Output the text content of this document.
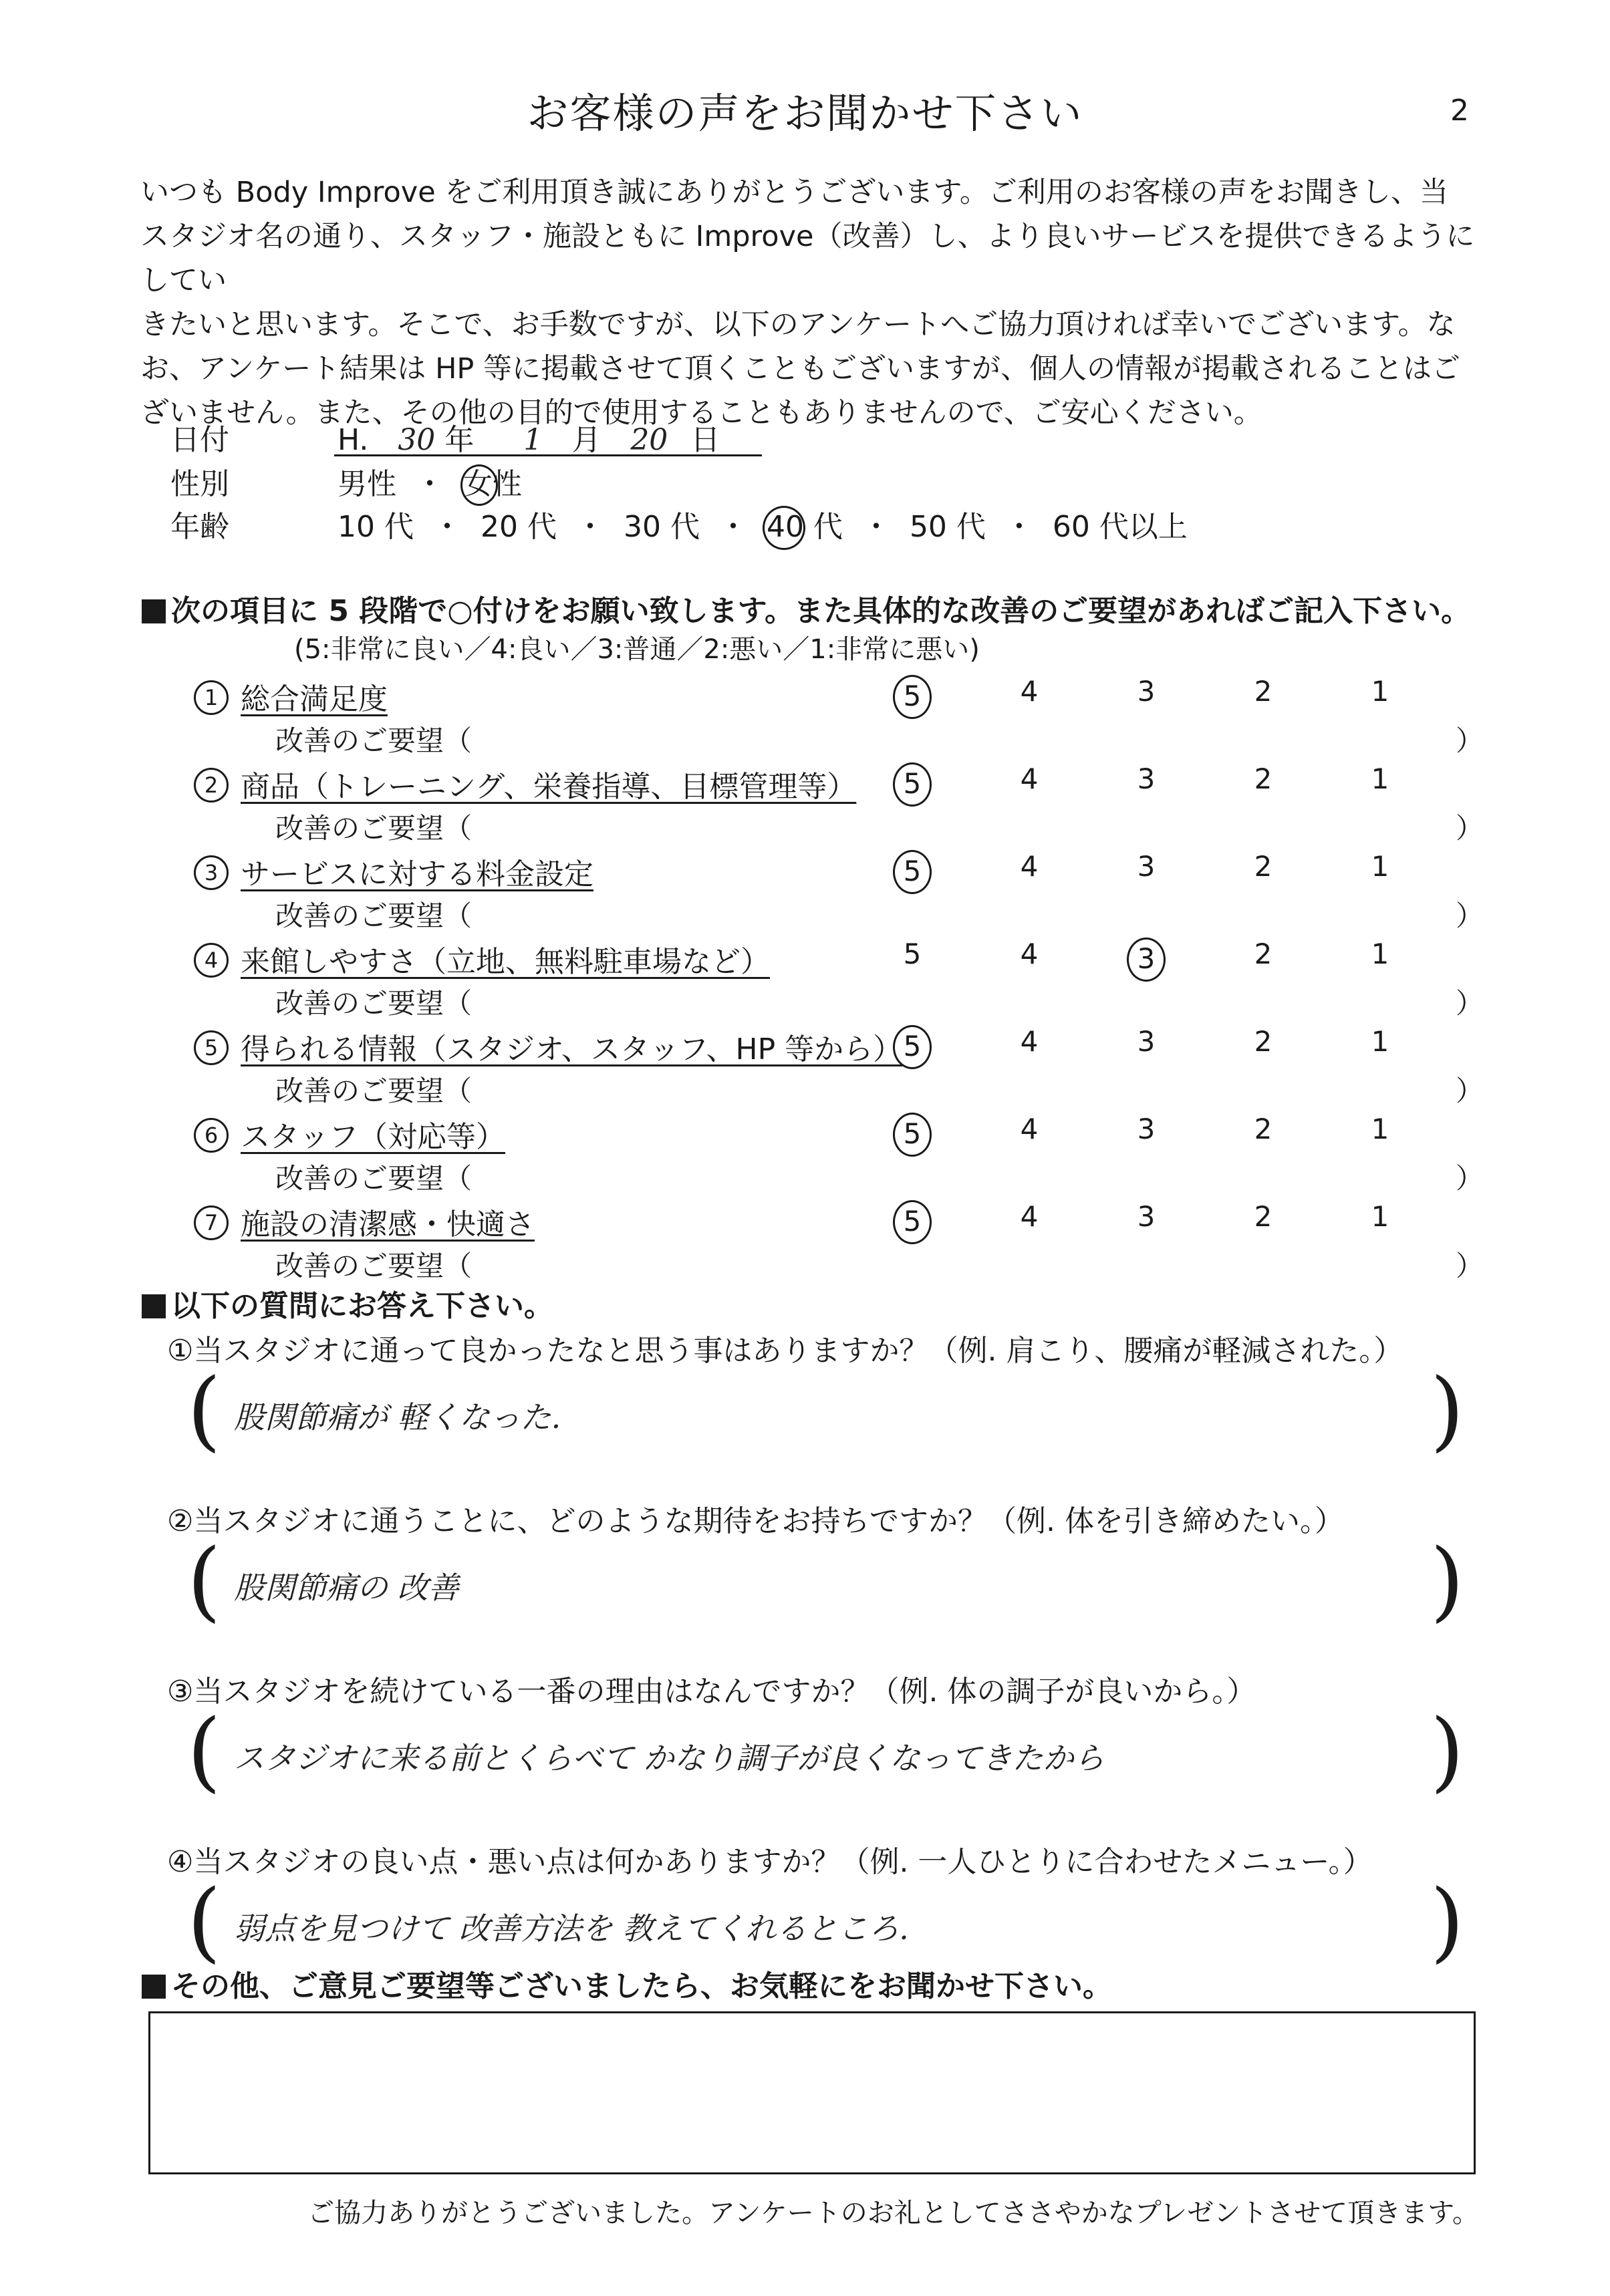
お客様の声をお聞かせ下さい	2

いつも Body Improve をご利用頂き誠にありがとうございます。ご利用のお客様の声をお聞きし、当

スタジオ名の通り、スタッフ・施設ともに Improve（改善）し、より良いサービスを提供できるようにしてい

きたいと思います。そこで、お手数ですが、以下のアンケートへご協力頂ければ幸いでございます。な

お、アンケート結果は HP 等に掲載させて頂くこともございますが、個人の情報が掲載されることはご

ざいません。また、その他の目的で使用することもありませんので、ご安心ください。

日付	H. 30 年 1 月 20 日
性別	男性 ・ 女性
年齢	10 代 ・ 20 代 ・ 30 代 ・ 40 代 ・ 50 代 ・ 60 代以上
次の項目に 5 段階で○付けをお願い致します。また具体的な改善のご要望があればご記入下さい。
(5:非常に良い／4:良い／3:普通／2:悪い／1:非常に悪い)
1 総合満足度	5	4	3	2	1
改善のご要望（	）
2 商品（トレーニング、栄養指導、目標管理等）	5	4	3	2	1
改善のご要望（	）
3 サービスに対する料金設定	5	4	3	2	1
改善のご要望（	）
4 来館しやすさ（立地、無料駐車場など）	5	4	3	2	1
改善のご要望（	）
5 得られる情報（スタジオ、スタッフ、HP 等から） 5	4	3	2	1
改善のご要望（	）
6 スタッフ（対応等）	5	4	3	2	1
改善のご要望（	）
7 施設の清潔感・快適さ	5	4	3	2	1
改善のご要望（	）
以下の質問にお答え下さい。
①当スタジオに通って良かったなと思う事はありますか？（例. 肩こり、腰痛が軽減された。）
( 股関節痛が 軽くなった.	)
②当スタジオに通うことに、どのような期待をお持ちですか？（例. 体を引き締めたい。）
( 股関節痛の 改善	)
③当スタジオを続けている一番の理由はなんですか？（例. 体の調子が良いから。）
( スタジオに来る前とくらべて かなり調子が良くなってきたから	)
④当スタジオの良い点・悪い点は何かありますか？（例. 一人ひとりに合わせたメニュー。）
( 弱点を見つけて 改善方法を 教えてくれるところ.	)
その他、ご意見ご要望等ございましたら、お気軽にをお聞かせ下さい。
ご協力ありがとうございました。アンケートのお礼としてささやかなプレゼントさせて頂きます。
